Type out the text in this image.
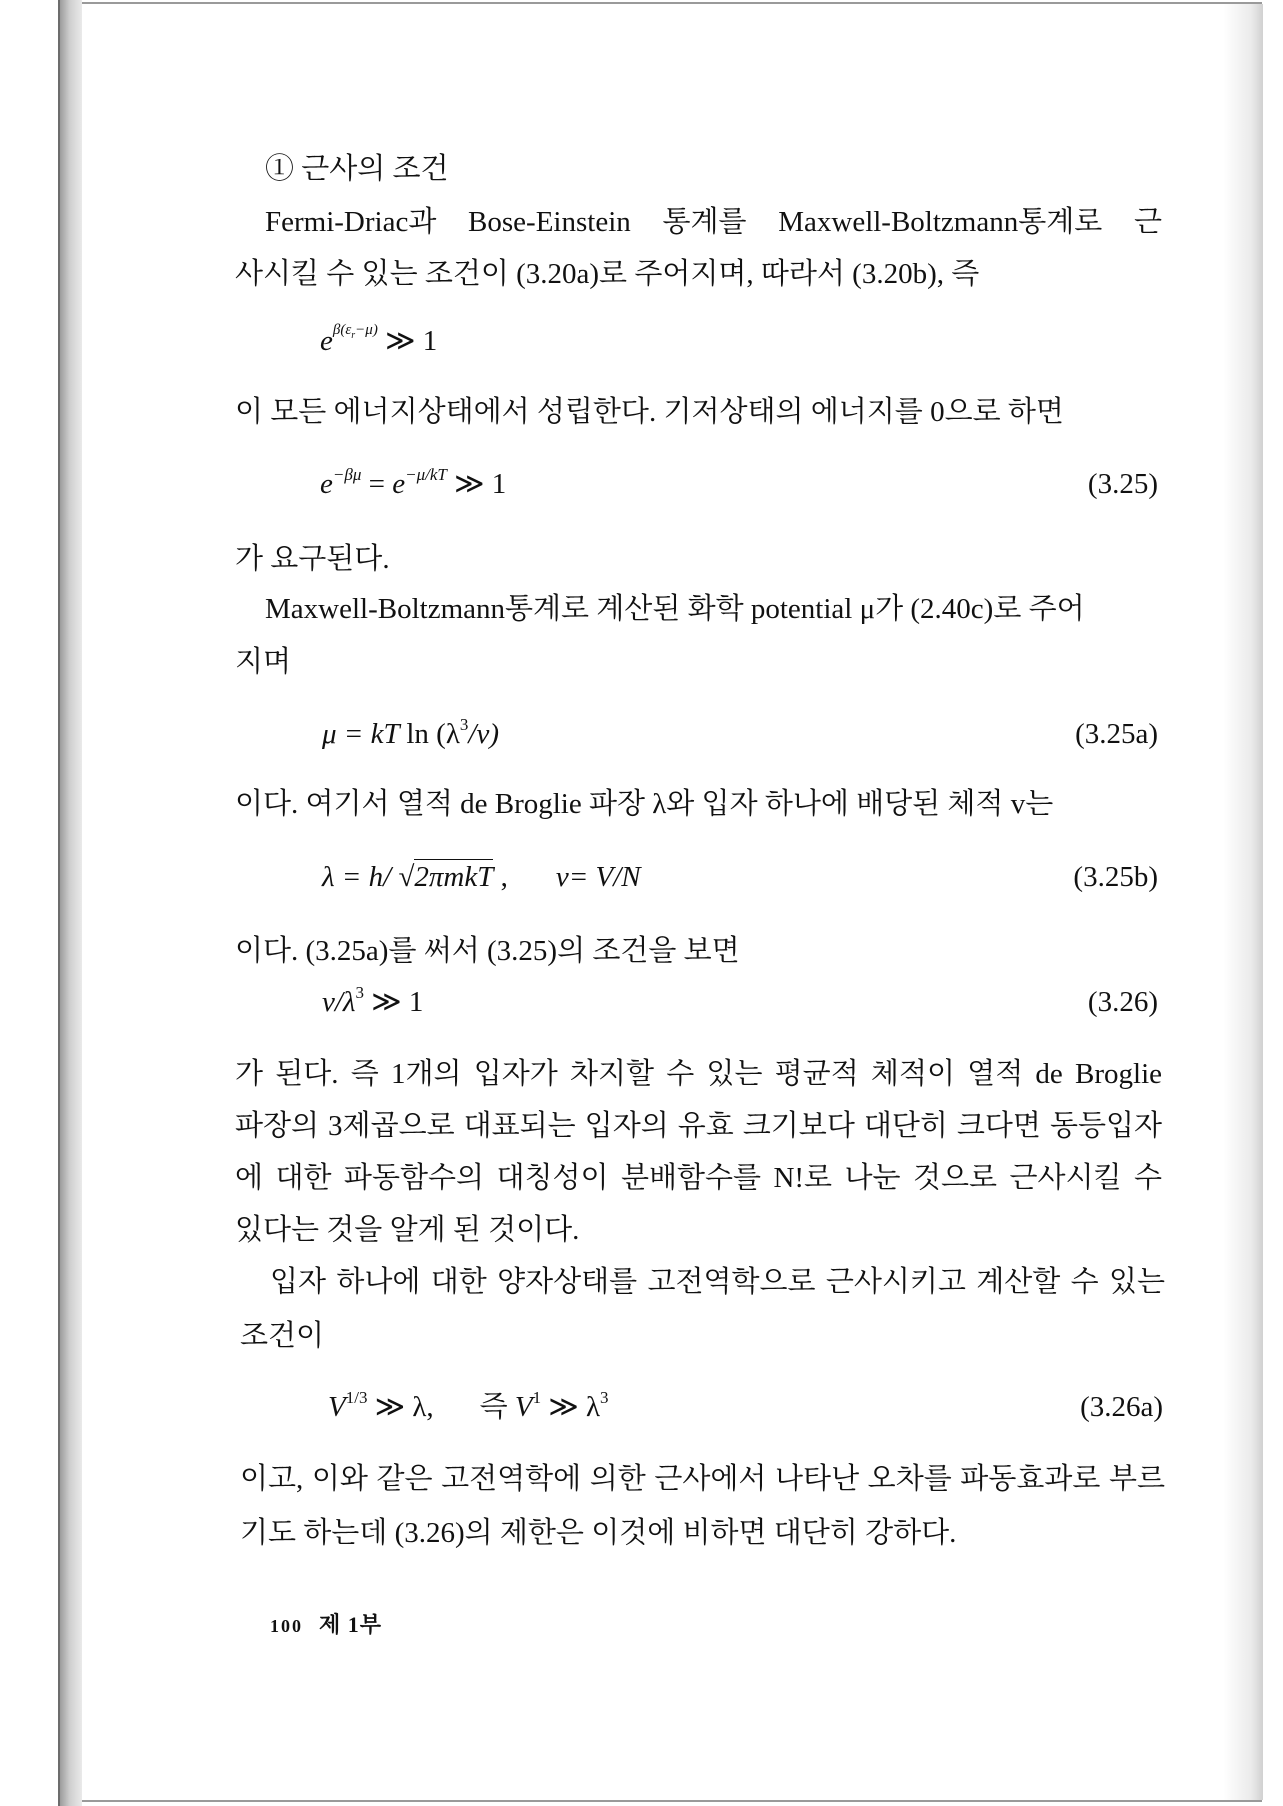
① 근사의 조건
Fermi-Driac과 Bose-Einstein 통계를 Maxwell-Boltzmann통계로 근
사시킬 수 있는 조건이 (3.20a)로 주어지며, 따라서 (3.20b), 즉
$e^{\beta(\varepsilon_r-\mu)}$ ≫ 1
이 모든 에너지상태에서 성립한다. 기저상태의 에너지를 0으로 하면
$e^{-\beta\mu} = e^{-\mu/kT}$ ≫ 1	(3.25)
가 요구된다.
Maxwell-Boltzmann통계로 계산된 화학 potential μ가 (2.40c)로 주어
지며
μ = kT $\ln (\lambda^3/v)$	(3.25a)
이다. 여기서 열적 de Broglie 파장 λ와 입자 하나에 배당된 체적 v는
λ = h/ √2πmkT , v= V/N	(3.25b)
이다. (3.25a)를 써서 (3.25)의 조건을 보면
$v/\lambda^3$ ≫ 1	(3.26)
가 된다. 즉 1개의 입자가 차지할 수 있는 평균적 체적이 열적 de Broglie
파장의 3제곱으로 대표되는 입자의 유효 크기보다 대단히 크다면 동등입자
에 대한 파동함수의 대칭성이 분배함수를 N!로 나눈 것으로 근사시킬 수
있다는 것을 알게 된 것이다.
입자 하나에 대한 양자상태를 고전역학으로 근사시키고 계산할 수 있는
조건이
$V^{1/3}$ ≫ λ, 즉 $V^1$ ≫ $\lambda^3$	(3.26a)
이고, 이와 같은 고전역학에 의한 근사에서 나타난 오차를 파동효과로 부르
기도 하는데 (3.26)의 제한은 이것에 비하면 대단히 강하다.
100 제 1부
